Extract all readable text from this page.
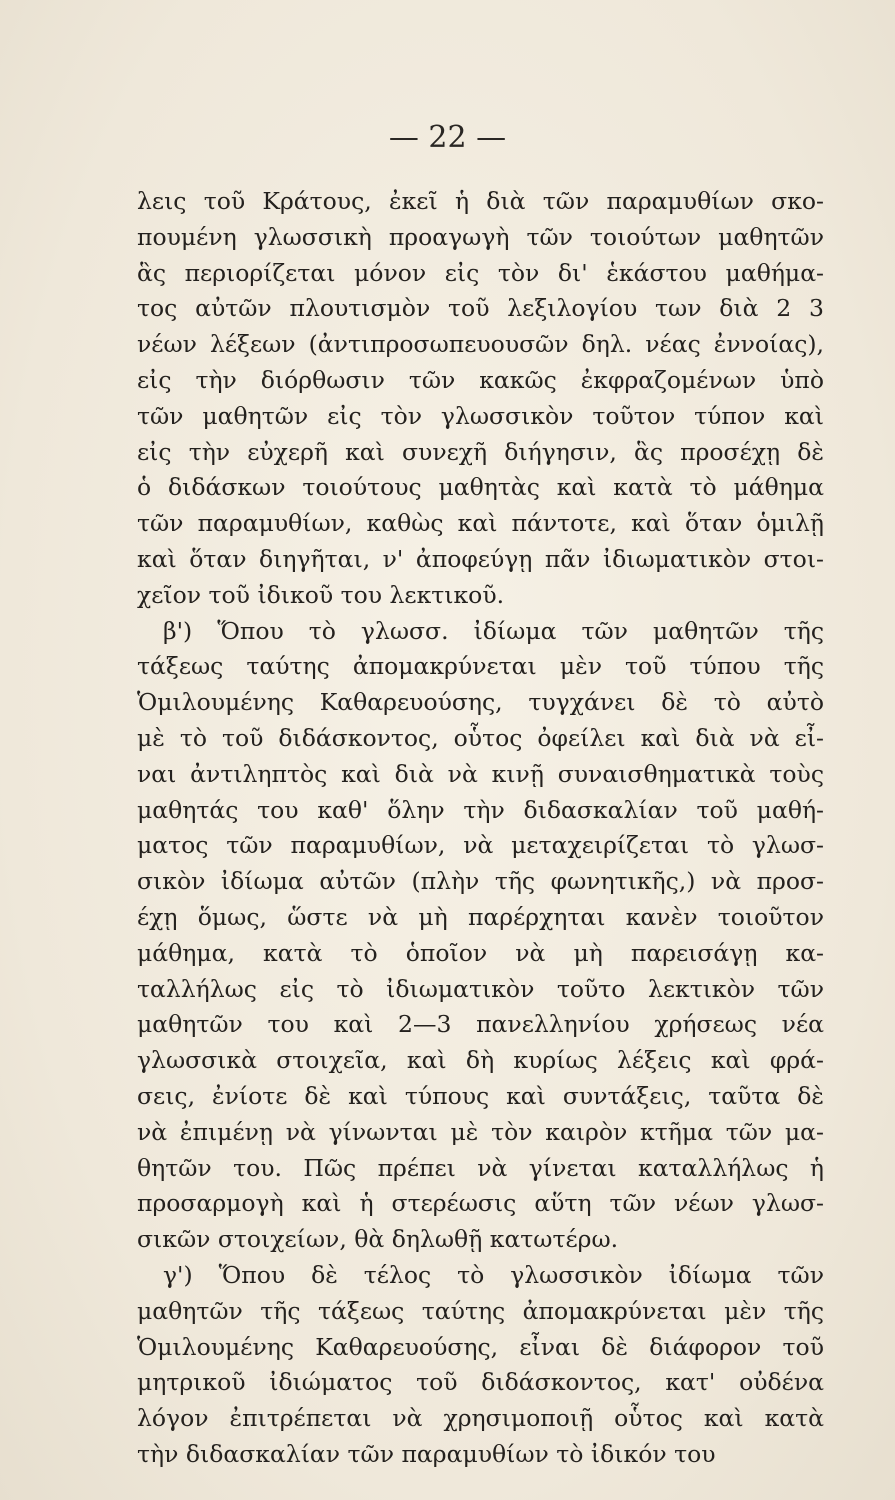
— 22 —
λεις τοῦ Κράτους, ἐκεῖ ἡ διὰ τῶν παραμυθίων σκο-
πουμένη γλωσσικὴ προαγωγὴ τῶν τοιούτων μαθητῶν
ἃς περιορίζεται μόνον εἰς τὸν δι' ἑκάστου μαθήμα-
τος αὐτῶν πλουτισμὸν τοῦ λεξιλογίου των διὰ 2 3
νέων λέξεων (ἀντιπροσωπευουσῶν δηλ. νέας ἐννοίας),
εἰς τὴν διόρθωσιν τῶν κακῶς ἐκφραζομένων ὑπὸ
τῶν μαθητῶν εἰς τὸν γλωσσικὸν τοῦτον τύπον καὶ
εἰς τὴν εὐχερῆ καὶ συνεχῆ διήγησιν, ἃς προσέχῃ δὲ
ὁ διδάσκων τοιούτους μαθητὰς καὶ κατὰ τὸ μάθημα
τῶν παραμυθίων, καθὼς καὶ πάντοτε, καὶ ὅταν ὁμιλῇ
καὶ ὅταν διηγῆται, ν' ἀποφεύγῃ πᾶν ἰδιωματικὸν στοι-
χεῖον τοῦ ἰδικοῦ του λεκτικοῦ.
β') Ὅπου τὸ γλωσσ. ἰδίωμα τῶν μαθητῶν τῆς
τάξεως ταύτης ἀπομακρύνεται μὲν τοῦ τύπου τῆς
Ὁμιλουμένης Καθαρευούσης, τυγχάνει δὲ τὸ αὐτὸ
μὲ τὸ τοῦ διδάσκοντος, οὗτος ὀφείλει καὶ διὰ νὰ εἶ-
ναι ἀντιληπτὸς καὶ διὰ νὰ κινῇ συναισθηματικὰ τοὺς
μαθητάς του καθ' ὅλην τὴν διδασκαλίαν τοῦ μαθή-
ματος τῶν παραμυθίων, νὰ μεταχειρίζεται τὸ γλωσ-
σικὸν ἰδίωμα αὐτῶν (πλὴν τῆς φωνητικῆς,) νὰ προσ-
έχῃ ὅμως, ὥστε νὰ μὴ παρέρχηται κανὲν τοιοῦτον
μάθημα, κατὰ τὸ ὁποῖον νὰ μὴ παρεισάγῃ κα-
ταλλήλως εἰς τὸ ἰδιωματικὸν τοῦτο λεκτικὸν τῶν
μαθητῶν του καὶ 2—3 πανελληνίου χρήσεως νέα
γλωσσικὰ στοιχεῖα, καὶ δὴ κυρίως λέξεις καὶ φρά-
σεις, ἐνίοτε δὲ καὶ τύπους καὶ συντάξεις, ταῦτα δὲ
νὰ ἐπιμένῃ νὰ γίνωνται μὲ τὸν καιρὸν κτῆμα τῶν μα-
θητῶν του. Πῶς πρέπει νὰ γίνεται καταλλήλως ἡ
προσαρμογὴ καὶ ἡ στερέωσις αὕτη τῶν νέων γλωσ-
σικῶν στοιχείων, θὰ δηλωθῇ κατωτέρω.
γ') Ὅπου δὲ τέλος τὸ γλωσσικὸν ἰδίωμα τῶν
μαθητῶν τῆς τάξεως ταύτης ἀπομακρύνεται μὲν τῆς
Ὁμιλουμένης Καθαρευούσης, εἶναι δὲ διάφορον τοῦ
μητρικοῦ ἰδιώματος τοῦ διδάσκοντος, κατ' οὐδένα
λόγον ἐπιτρέπεται νὰ χρησιμοποιῇ οὗτος καὶ κατὰ
τὴν διδασκαλίαν τῶν παραμυθίων τὸ ἰδικόν του
